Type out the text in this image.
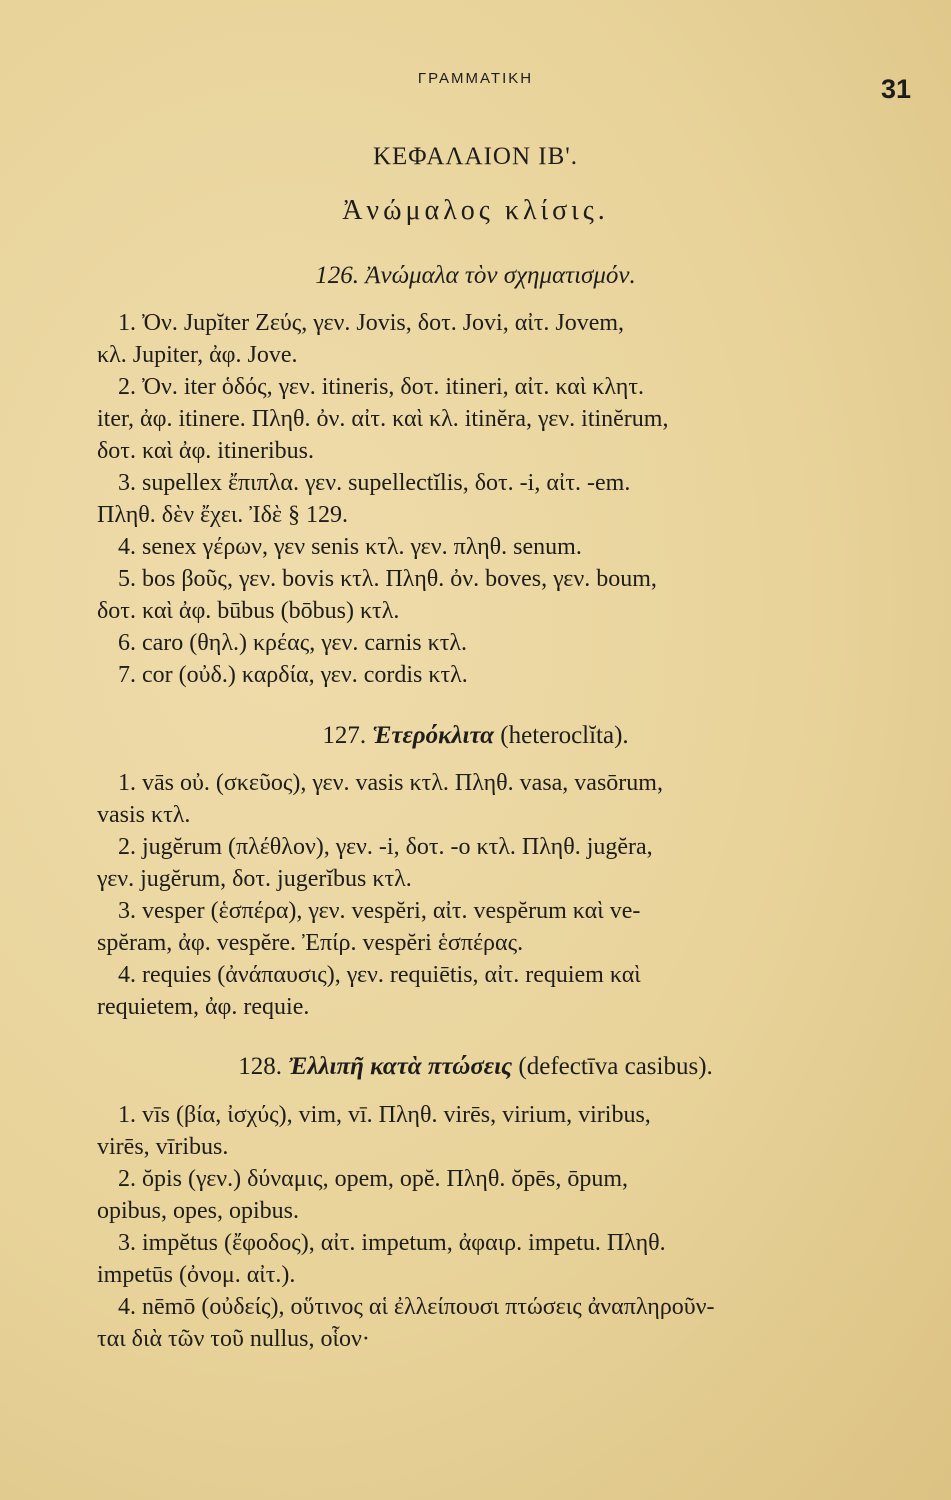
ΓΡΑΜΜΑΤΙΚΗ	31
ΚΕΦΑΛΑΙΟΝ ΙΒ'.
Ἀνώμαλος κλίσις.
126. Ἀνώμαλα τὸν σχηματισμόν.
1. Ὀν. Jupĭter Ζεύς, γεν. Jovis, δοτ. Jovi, αἰτ. Jovem,
κλ. Jupiter, ἀφ. Jove.
2. Ὀν. iter ὁδός, γεν. itineris, δοτ. itineri, αἰτ. καὶ κλητ.
iter, ἀφ. itinere. Πληθ. ὀν. αἰτ. καὶ κλ. itinĕra, γεν. itinĕrum,
δοτ. καὶ ἀφ. itineribus.
3. supellex ἔπιπλα. γεν. supellectĭlis, δοτ. -i, αἰτ. -em.
Πληθ. δὲν ἔχει. Ἰδὲ § 129.
4. senex γέρων, γεν senis κτλ. γεν. πληθ. senum.
5. bos βοῦς, γεν. bovis κτλ. Πληθ. ὀν. boves, γεν. boum,
δοτ. καὶ ἀφ. būbus (bōbus) κτλ.
6. caro (θηλ.) κρέας, γεν. carnis κτλ.
7. cor (οὐδ.) καρδία, γεν. cordis κτλ.
127. Ἑτερόκλιτα (heteroclĭta).
1. vās οὐ. (σκεῦος), γεν. vasis κτλ. Πληθ. vasa, vasōrum,
vasis κτλ.
2. jugĕrum (πλέθλον), γεν. -i, δοτ. -o κτλ. Πληθ. jugĕra,
γεν. jugĕrum, δοτ. jugerĭbus κτλ.
3. vesper (ἑσπέρα), γεν. vespĕri, αἰτ. vespĕrum καὶ ve-
spĕram, ἀφ. vespĕre. Ἐπίρ. vespĕri ἑσπέρας.
4. requies (ἀνάπαυσις), γεν. requiētis, αἰτ. requiem καὶ
requietem, ἀφ. requie.
128. Ἐλλιπῆ κατὰ πτώσεις (defectīva casibus).
1. vīs (βία, ἰσχύς), vim, vī. Πληθ. virēs, virium, viribus,
virēs, vīribus.
2. ŏpis (γεν.) δύναμις, opem, opĕ. Πληθ. ŏpēs, ōpum,
opibus, opes, opibus.
3. impĕtus (ἔφοδος), αἰτ. impetum, ἀφαιρ. impetu. Πληθ.
impetūs (ὀνομ. αἰτ.).
4. nēmō (οὐδείς), οὕτινος αἱ ἐλλείπουσι πτώσεις ἀναπληροῦν-
ται διὰ τῶν τοῦ nullus, οἷον·
